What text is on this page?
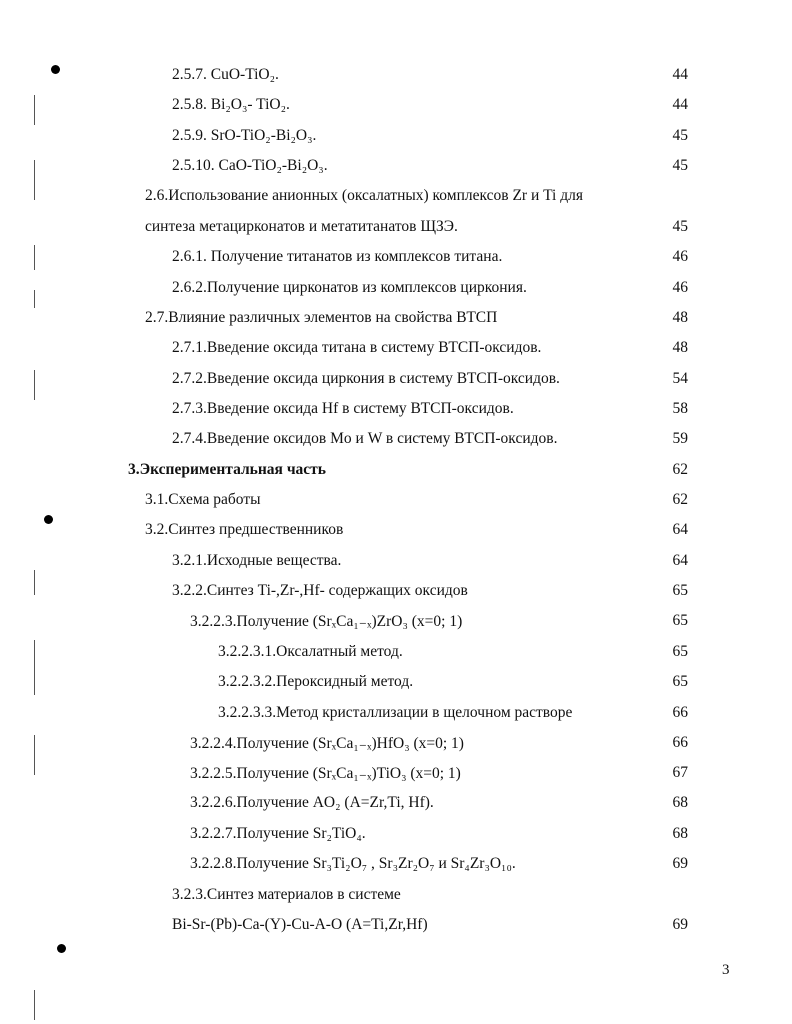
2.5.7. CuO-TiO₂.	44
2.5.8. Bi₂O₃- TiO₂.	44
2.5.9. SrO-TiO₂-Bi₂O₃.	45
2.5.10. CaO-TiO₂-Bi₂O₃.	45
2.6.Использование анионных (оксалатных) комплексов Zr и Ti для
синтеза метацирконатов и метатитанатов ЩЗЭ.	45
2.6.1. Получение титанатов из комплексов титана.	46
2.6.2.Получение цирконатов из комплексов циркония.	46
2.7.Влияние различных элементов на свойства ВТСП	48
2.7.1.Введение оксида титана в систему ВТСП-оксидов.	48
2.7.2.Введение оксида циркония в систему ВТСП-оксидов.	54
2.7.3.Введение оксида Hf в систему ВТСП-оксидов.	58
2.7.4.Введение оксидов Mo и W в систему ВТСП-оксидов.	59
3.Экспериментальная часть	62
3.1.Схема работы	62
3.2.Синтез предшественников	64
3.2.1.Исходные вещества.	64
3.2.2.Синтез Ti-,Zr-,Hf- содержащих оксидов	65
3.2.2.3.Получение (SrₓCa₁₋ₓ)ZrO₃ (x=0; 1)	65
3.2.2.3.1.Оксалатный метод.	65
3.2.2.3.2.Пероксидный метод.	65
3.2.2.3.3.Метод кристаллизации в щелочном растворе	66
3.2.2.4.Получение (SrₓCa₁₋ₓ)HfO₃ (x=0; 1)	66
3.2.2.5.Получение (SrₓCa₁₋ₓ)TiO₃ (x=0; 1)	67
3.2.2.6.Получение AO₂ (A=Zr,Ti, Hf).	68
3.2.2.7.Получение Sr₂TiO₄.	68
3.2.2.8.Получение Sr₃Ti₂O₇ , Sr₃Zr₂O₇ и Sr₄Zr₃O₁₀.	69
3.2.3.Синтез материалов в системе
Bi-Sr-(Pb)-Ca-(Y)-Cu-A-O (A=Ti,Zr,Hf)	69
3
